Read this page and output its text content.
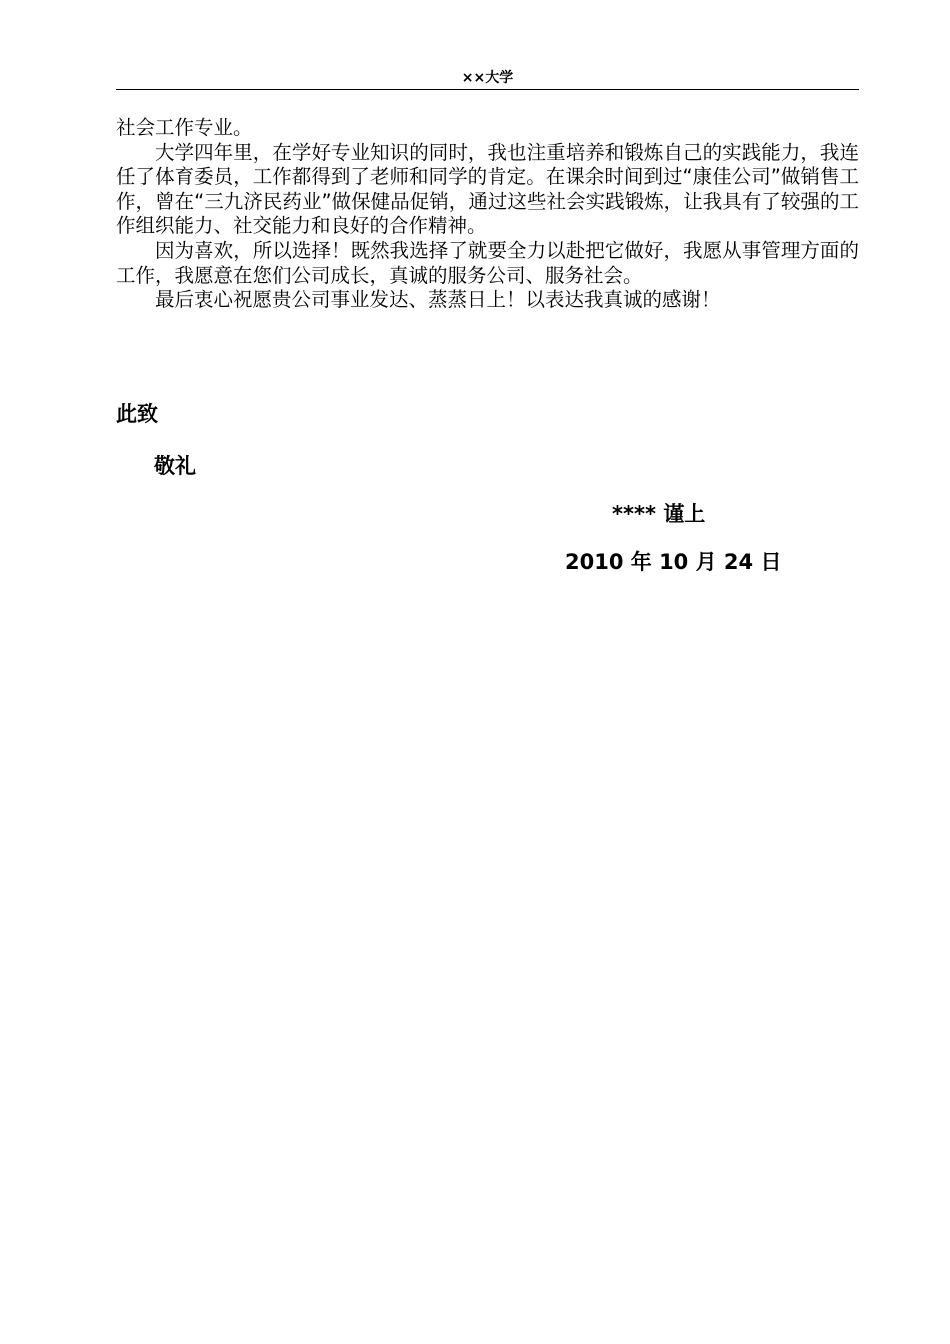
××大学

社会工作专业。

大学四年里，在学好专业知识的同时，我也注重培养和锻炼自己的实践能力，我连任了体育委员，工作都得到了老师和同学的肯定。在课余时间到过“康佳公司”做销售工作，曾在“三九济民药业”做保健品促销，通过这些社会实践锻炼，让我具有了较强的工作组织能力、社交能力和良好的合作精神。

因为喜欢，所以选择！既然我选择了就要全力以赴把它做好，我愿从事管理方面的工作，我愿意在您们公司成长，真诚的服务公司、服务社会。

最后衷心祝愿贵公司事业发达、蒸蒸日上！以表达我真诚的感谢！

此致
敬礼
**** 谨上
2010 年 10 月 24 日
